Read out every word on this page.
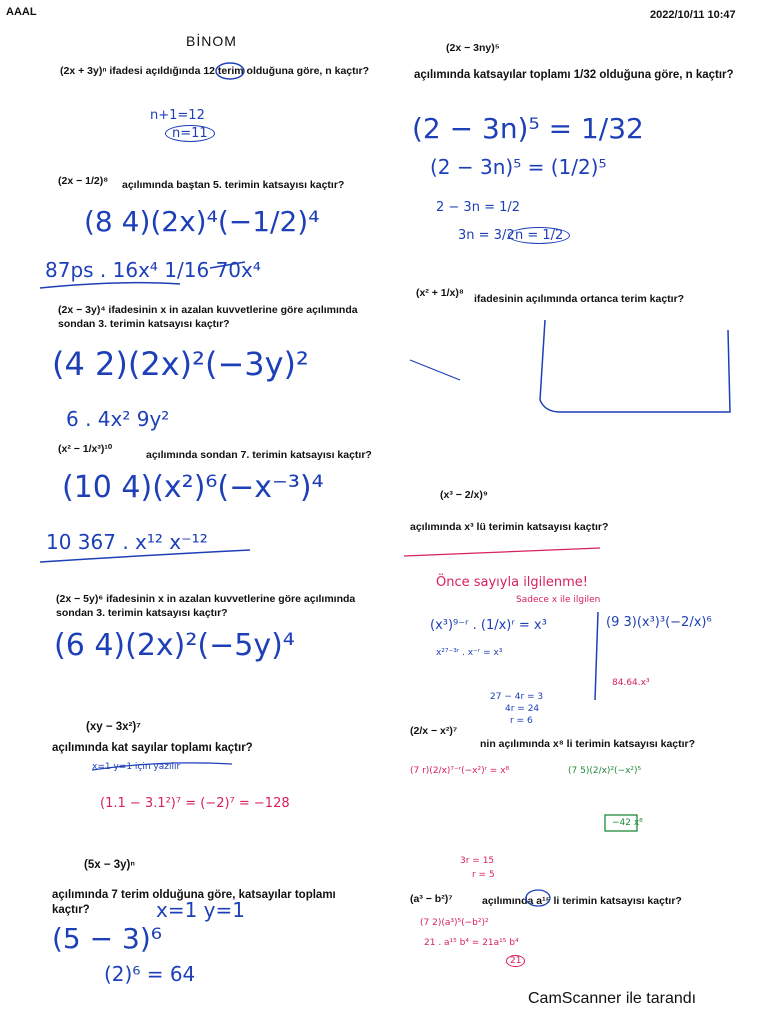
AAAL	2022/10/11 10:47
BİNOM
(2x + 3y)ⁿ ifadesi açıldığında 12 terim olduğuna göre, n kaçtır?
n+1=12
n=11
(2x − 1/2)⁸ açılımında baştan 5. terimin katsayısı kaçtır?
(8 4)(2x)⁴(−1/2)⁴
87ps . 16x⁴ 1/16 70x⁴
(2x − 3y)⁴ ifadesinin x in azalan kuvvetlerine göre açılımında sondan 3. terimin katsayısı kaçtır?
(4 2)(2x)²(−3y)²
6 . 4x² 9y²
(x² − 1/x³)¹⁰	açılımında sondan 7. terimin katsayısı kaçtır?
(10 4)(x²)⁶(−x⁻³)⁴
10 367 . x¹² x⁻¹²
(2x − 5y)⁶ ifadesinin x in azalan kuvvetlerine göre açılımında sondan 3. terimin katsayısı kaçtır?
(6 4)(2x)²(−5y)⁴
(xy − 3x²)⁷
açılımında kat sayılar toplamı kaçtır?
x=1 y=1 için yazılır
(1.1 − 3.1²)⁷ = (−2)⁷ = −128
(5x − 3y)ⁿ
açılımında 7 terim olduğuna göre, katsayılar toplamı kaçtır?	x=1 y=1
(5 − 3)⁶
(2)⁶ = 64
(2x − 3ny)⁵
açılımında katsayılar toplamı 1/32 olduğuna göre, n kaçtır?
(2 − 3n)⁵ = 1/32
(2 − 3n)⁵ = (1/2)⁵
2 − 3n = 1/2
3n = 3/2 n = 1/2
(x² + 1/x)⁸ ifadesinin açılımında ortanca terim kaçtır?
(x³ − 2/x)⁹
açılımında x³ lü terimin katsayısı kaçtır?
Önce sayıyla ilgilenme!
Sadece x ile ilgilen
(x³)⁹⁻ʳ . (1/x)ʳ = x³
x²⁷⁻³ʳ . x⁻ʳ = x³
27 − 4r = 3
4r = 24
r = 6
(9 3)(x³)³(−2/x)⁶
84.64.x³
(2/x − x²)⁷
nin açılımında x⁸ li terimin katsayısı kaçtır?
(7 r)(2/x)⁷⁻ʳ(−x²)ʳ = x⁸	(7 5)(2/x)²(−x²)⁵
−42 x⁸
3r = 15
r = 5
(a³ − b²)⁷	açılımında a¹⁵ li terimin katsayısı kaçtır?
(7 2)(a³)⁵(−b²)²
21 . a¹⁵ b⁴ = 21a¹⁵ b⁴
21
CamScanner ile tarandı
